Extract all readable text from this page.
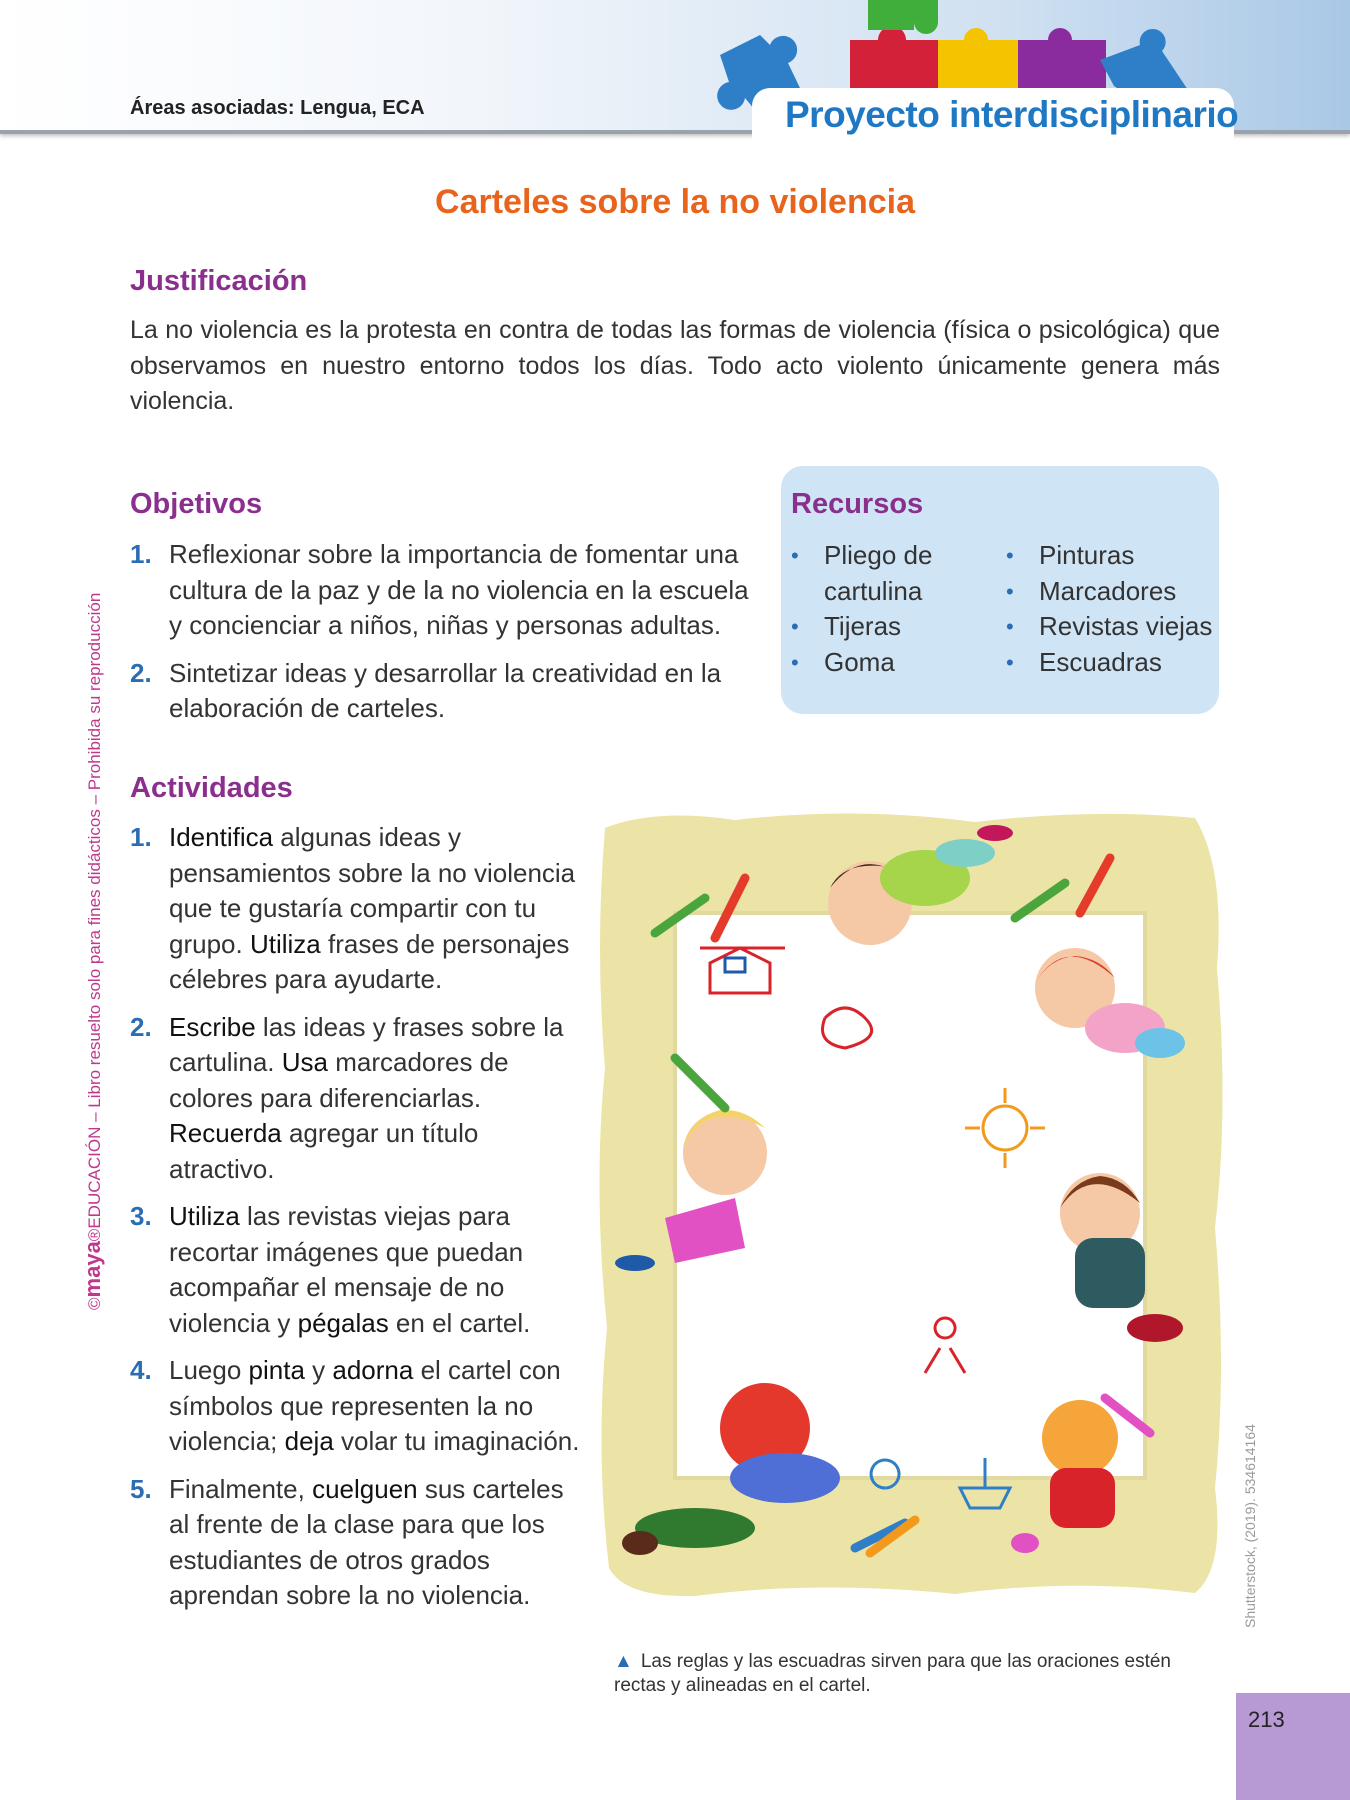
Áreas asociadas: Lengua, ECA	Proyecto interdisciplinario
©maya®EDUCACIÓN – Libro resuelto solo para fines didácticos – Prohibida su reproducción
Carteles sobre la no violencia
Justificación
La no violencia es la protesta en contra de todas las formas de violencia (física o psicológica) que observamos en nuestro entorno todos los días. Todo acto violento únicamente genera más violencia.
Objetivos
1. Reflexionar sobre la importancia de fomentar una cultura de la paz y de la no violencia en la escuela y concienciar a niños, niñas y personas adultas.
2. Sintetizar ideas y desarrollar la creatividad en la elaboración de carteles.
Recursos
• Pliego de cartulina
• Tijeras
• Goma
• Pinturas
• Marcadores
• Revistas viejas
• Escuadras
Actividades
1. Identifica algunas ideas y pensamientos sobre la no violencia que te gustaría compartir con tu grupo. Utiliza frases de personajes célebres para ayudarte.
2. Escribe las ideas y frases sobre la cartulina. Usa marcadores de colores para diferenciarlas. Recuerda agregar un título atractivo.
3. Utiliza las revistas viejas para recortar imágenes que puedan acompañar el mensaje de no violencia y pégalas en el cartel.
4. Luego pinta y adorna el cartel con símbolos que representen la no violencia; deja volar tu imaginación.
5. Finalmente, cuelguen sus carteles al frente de la clase para que los estudiantes de otros grados aprendan sobre la no violencia.
▲ Las reglas y las escuadras sirven para que las oraciones estén rectas y alineadas en el cartel.
Shutterstock, (2019). 534614164
213
